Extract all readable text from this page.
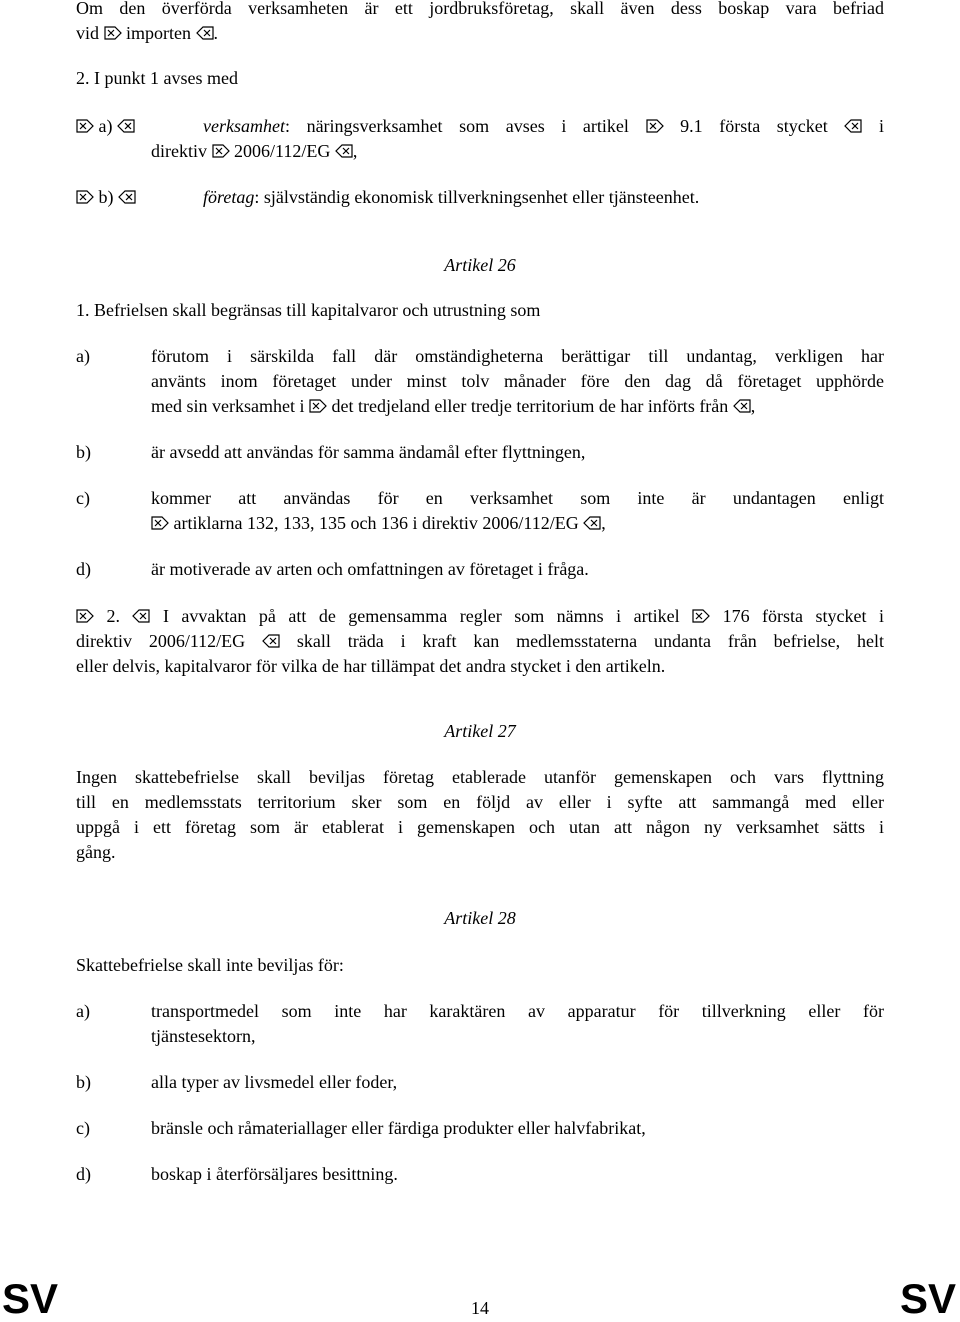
Om den överförda verksamheten är ett jordbruksföretag, skall även dess boskap vara befriad
vid
importen
.
2. I punkt 1 avses med
a)	verksamhet: näringsverksamhet som avses i artikel
9.1 första stycket
i
direktiv
2006/112/EG
,
b)	företag: självständig ekonomisk tillverkningsenhet eller tjänsteenhet.
Artikel 26
1. Befrielsen skall begränsas till kapitalvaror och utrustning som
a)	förutom i särskilda fall där omständigheterna berättigar till undantag, verkligen har
använts inom företaget under minst tolv månader före den dag då företaget upphörde
med sin verksamhet i
det tredjeland eller tredje territorium de har införts från
,
b)	är avsedd att användas för samma ändamål efter flyttningen,
c)	kommer att användas för en verksamhet som inte är undantagen enligt
artiklarna 132, 133, 135 och 136 i direktiv 2006/112/EG
,
d)	är motiverade av arten och omfattningen av företaget i fråga.
2.
I avvaktan på att de gemensamma regler som nämns i artikel
176 första stycket i
direktiv 2006/112/EG
skall träda i kraft kan medlemsstaterna undanta från befrielse, helt
eller delvis, kapitalvaror för vilka de har tillämpat det andra stycket i den artikeln.
Artikel 27
Ingen skattebefrielse skall beviljas företag etablerade utanför gemenskapen och vars flyttning
till en medlemsstats territorium sker som en följd av eller i syfte att sammangå med eller
uppgå i ett företag som är etablerat i gemenskapen och utan att någon ny verksamhet sätts i
gång.
Artikel 28
Skattebefrielse skall inte beviljas för:
a)	transportmedel som inte har karaktären av apparatur för tillverkning eller för
tjänstesektorn,
b)	alla typer av livsmedel eller foder,
c)	bränsle och råmateriallager eller färdiga produkter eller halvfabrikat,
d)	boskap i återförsäljares besittning.
SV	14	SV
